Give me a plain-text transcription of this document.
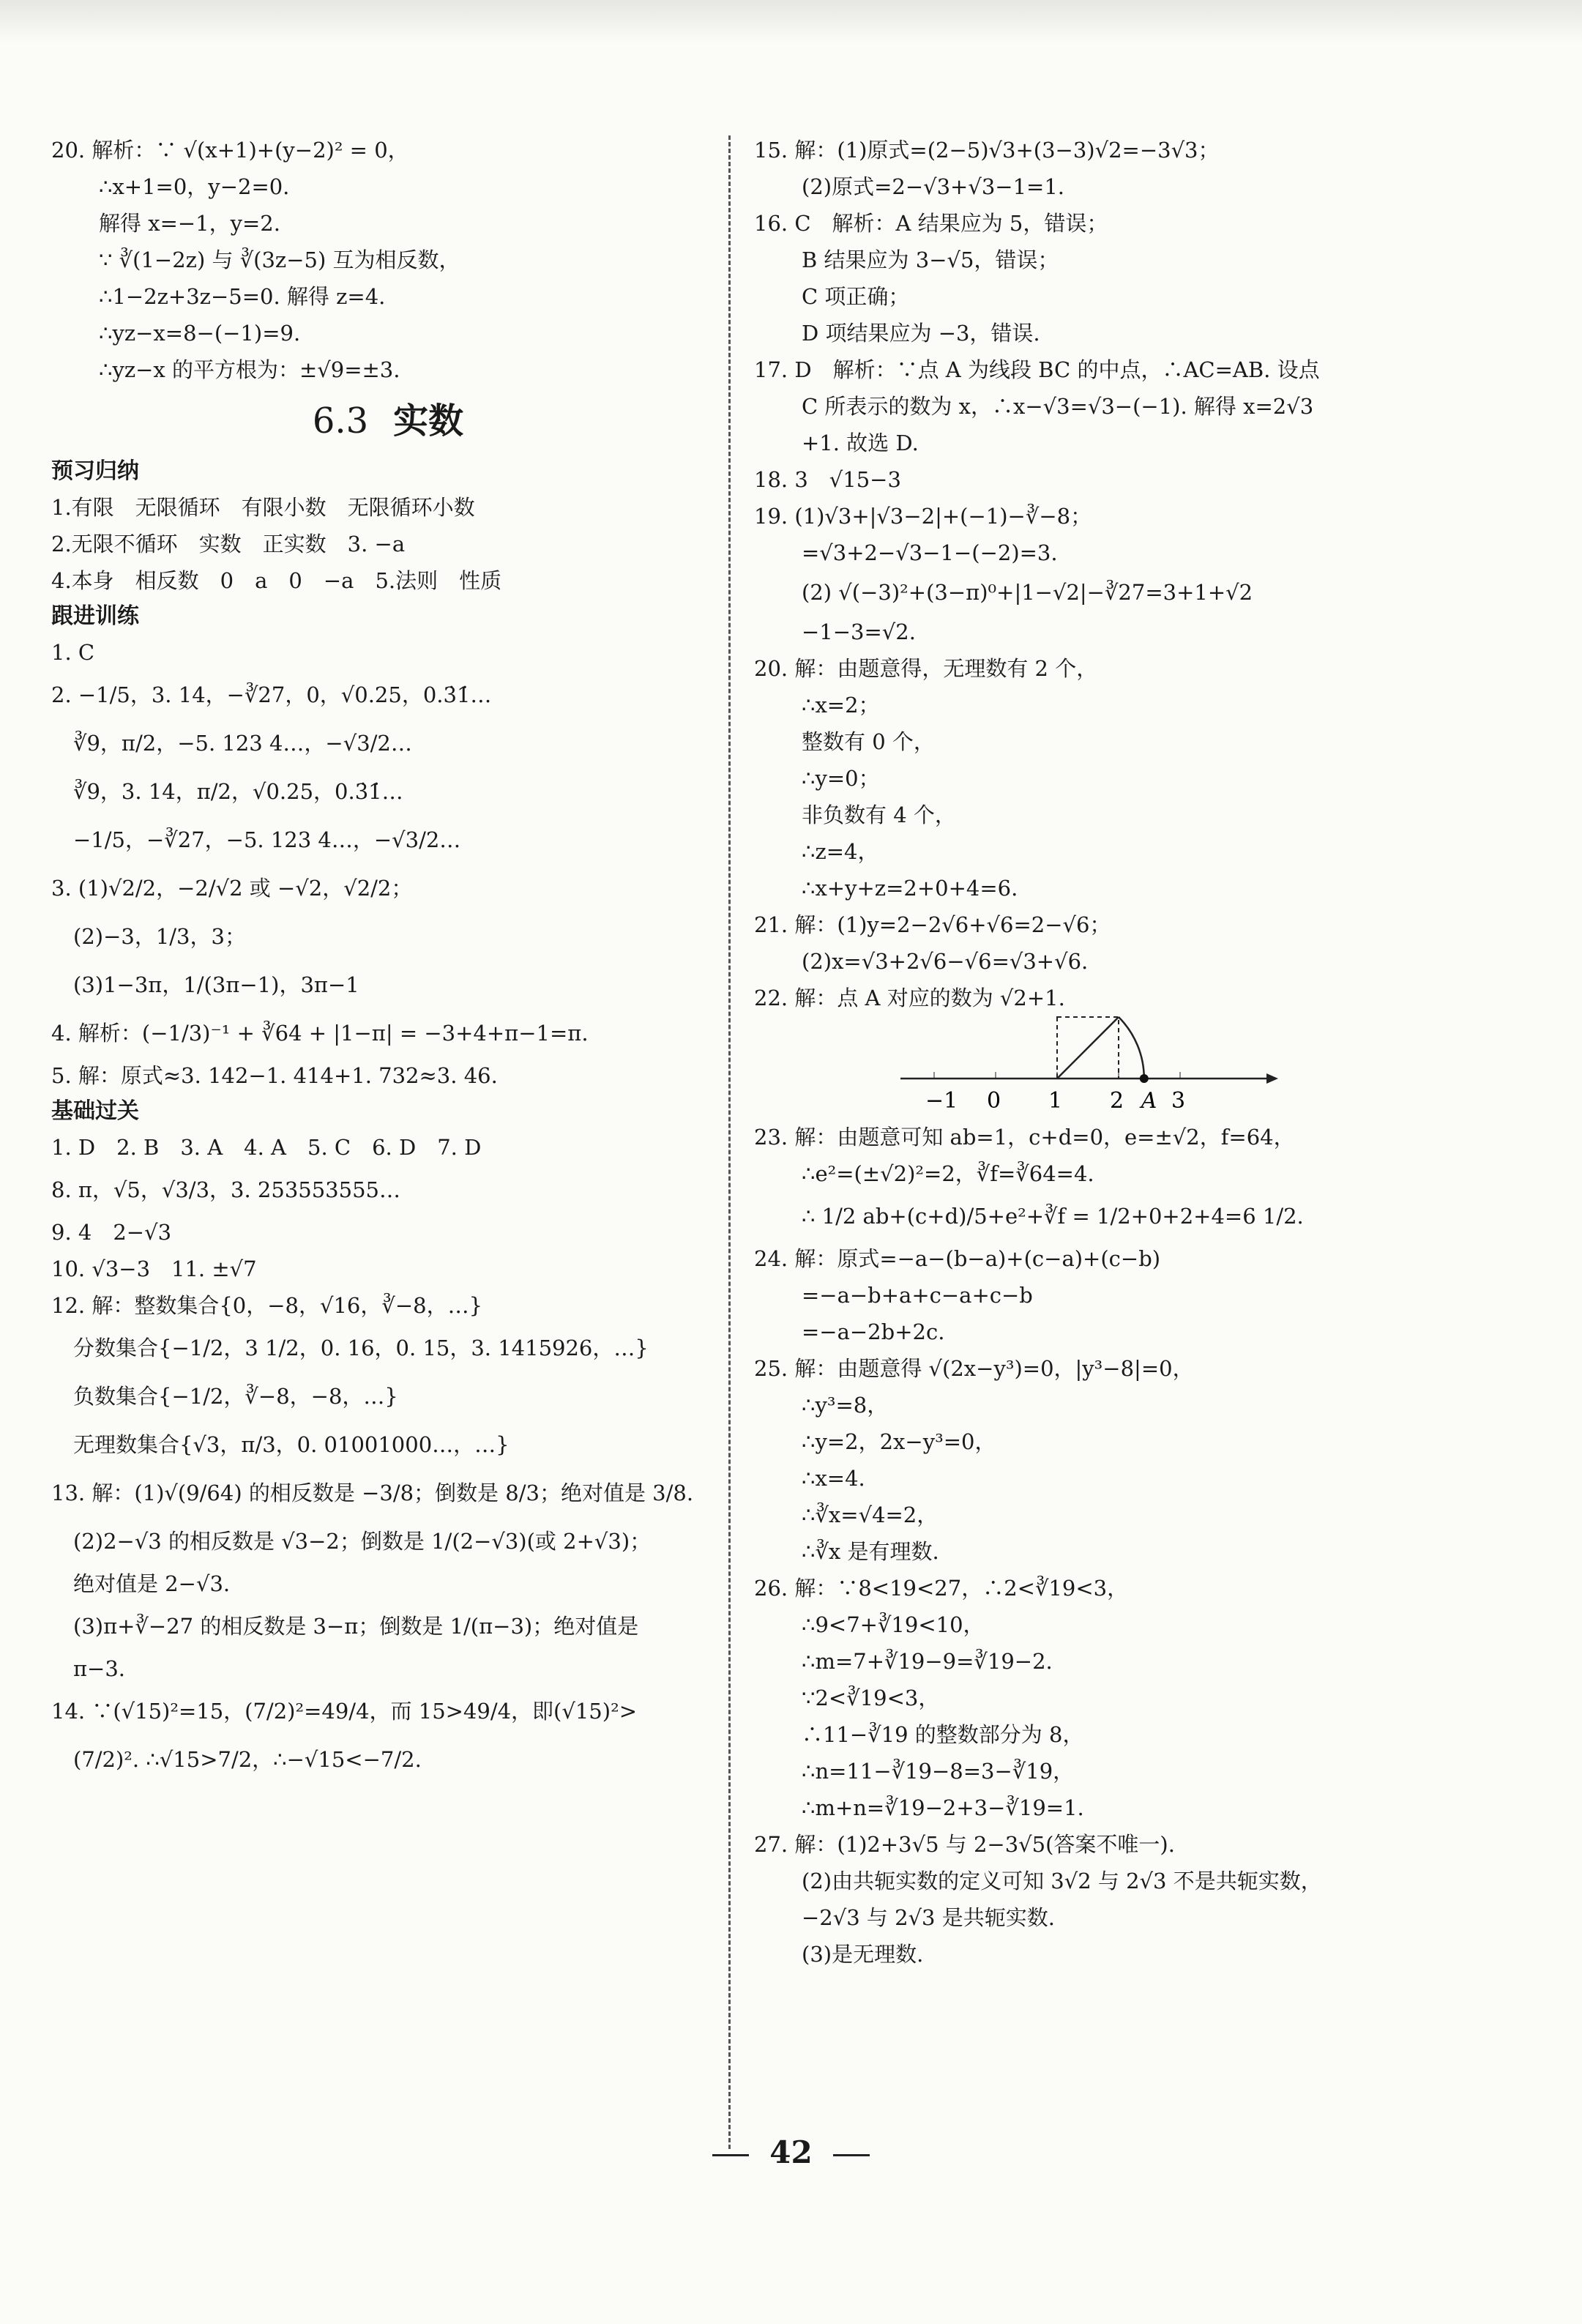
20. 解析：∵ √(x+1)+(y−2)² = 0，
∴x+1=0，y−2=0.
解得 x=−1，y=2.
∵ ∛(1−2z) 与 ∛(3z−5) 互为相反数，
∴1−2z+3z−5=0. 解得 z=4.
∴yz−x=8−(−1)=9.
∴yz−x 的平方根为：±√9=±3.
6.3 实数
预习归纳
1.有限　无限循环　有限小数　无限循环小数
2.无限不循环　实数　正实数　3. −a
4.本身　相反数　0　a　0　−a　5.法则　性质
跟进训练
1. C
2. −1/5，3. 14，−∛27，0，√0.25，0.3̇1̇…
∛9，π/2，−5. 123 4…，−√3/2…
∛9，3. 14，π/2，√0.25，0.3̇1̇…
−1/5，−∛27，−5. 123 4…，−√3/2…
3. (1)√2/2，−2/√2 或 −√2，√2/2；
(2)−3，1/3，3；
(3)1−3π，1/(3π−1)，3π−1
4. 解析：(−1/3)⁻¹ + ∛64 + |1−π| = −3+4+π−1=π.
5. 解：原式≈3. 142−1. 414+1. 732≈3. 46.
基础过关
1. D　2. B　3. A　4. A　5. C　6. D　7. D
8. π，√5，√3/3，3. 253553555…
9. 4　2−√3
10. √3−3　11. ±√7
12. 解：整数集合{0，−8，√16，∛−8，…}
分数集合{−1/2，3 1/2，0. 16，0. 15，3. 1415926，…}
负数集合{−1/2，∛−8，−8，…}
无理数集合{√3，π/3，0. 01001000…，…}
13. 解：(1)√(9/64) 的相反数是 −3/8；倒数是 8/3；绝对值是 3/8.
(2)2−√3 的相反数是 √3−2；倒数是 1/(2−√3)(或 2+√3)；
绝对值是 2−√3.
(3)π+∛−27 的相反数是 3−π；倒数是 1/(π−3)；绝对值是
π−3.
14. ∵(√15)²=15，(7/2)²=49/4，而 15>49/4，即(√15)²>
(7/2)². ∴√15>7/2，∴−√15<−7/2.
15. 解：(1)原式=(2−5)√3+(3−3)√2=−3√3；
(2)原式=2−√3+√3−1=1.
16. C　解析：A 结果应为 5，错误；
B 结果应为 3−√5，错误；
C 项正确；
D 项结果应为 −3，错误.
17. D　解析：∵点 A 为线段 BC 的中点，∴AC=AB. 设点
C 所表示的数为 x，∴x−√3=√3−(−1). 解得 x=2√3
+1. 故选 D.
18. 3　√15−3
19. (1)√3+|√3−2|+(−1)−∛−8；
=√3+2−√3−1−(−2)=3.
(2) √(−3)²+(3−π)⁰+|1−√2|−∛27=3+1+√2
−1−3=√2.
20. 解：由题意得，无理数有 2 个，
∴x=2；
整数有 0 个，
∴y=0；
非负数有 4 个，
∴z=4，
∴x+y+z=2+0+4=6.
21. 解：(1)y=2−2√6+√6=2−√6；
(2)x=√3+2√6−√6=√3+√6.
22. 解：点 A 对应的数为 √2+1.
−1 0 1 2 3
A
23. 解：由题意可知 ab=1，c+d=0，e=±√2，f=64，
∴e²=(±√2)²=2，∛f=∛64=4.
∴ 1/2 ab+(c+d)/5+e²+∛f = 1/2+0+2+4=6 1/2.
24. 解：原式=−a−(b−a)+(c−a)+(c−b)
=−a−b+a+c−a+c−b
=−a−2b+2c.
25. 解：由题意得 √(2x−y³)=0，|y³−8|=0，
∴y³=8，
∴y=2，2x−y³=0，
∴x=4.
∴∛x=√4=2，
∴∛x 是有理数.
26. 解：∵8<19<27，∴2<∛19<3，
∴9<7+∛19<10，
∴m=7+∛19−9=∛19−2.
∵2<∛19<3，
∴11−∛19 的整数部分为 8，
∴n=11−∛19−8=3−∛19，
∴m+n=∛19−2+3−∛19=1.
27. 解：(1)2+3√5 与 2−3√5(答案不唯一).
(2)由共轭实数的定义可知 3√2 与 2√3 不是共轭实数，
−2√3 与 2√3 是共轭实数.
(3)是无理数.
42
